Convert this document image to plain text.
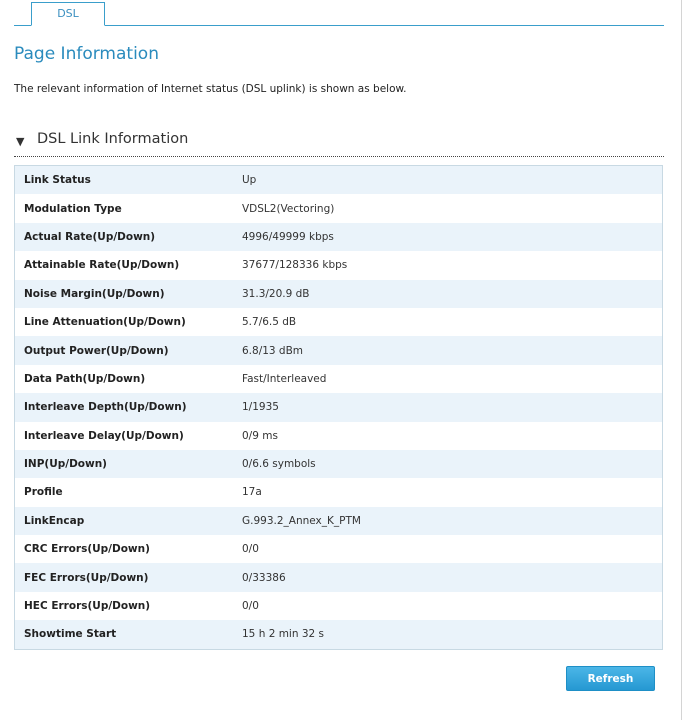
DSL
Page Information

The relevant information of Internet status (DSL uplink) is shown as below.

▼ DSL Link Information
Link Status	Up
Modulation Type	VDSL2(Vectoring)
Actual Rate(Up/Down)	4996/49999 kbps
Attainable Rate(Up/Down)	37677/128336 kbps
Noise Margin(Up/Down)	31.3/20.9 dB
Line Attenuation(Up/Down)	5.7/6.5 dB
Output Power(Up/Down)	6.8/13 dBm
Data Path(Up/Down)	Fast/Interleaved
Interleave Depth(Up/Down)	1/1935
Interleave Delay(Up/Down)	0/9 ms
INP(Up/Down)	0/6.6 symbols
Profile	17a
LinkEncap	G.993.2_Annex_K_PTM
CRC Errors(Up/Down)	0/0
FEC Errors(Up/Down)	0/33386
HEC Errors(Up/Down)	0/0
Showtime Start	15 h 2 min 32 s
Refresh
